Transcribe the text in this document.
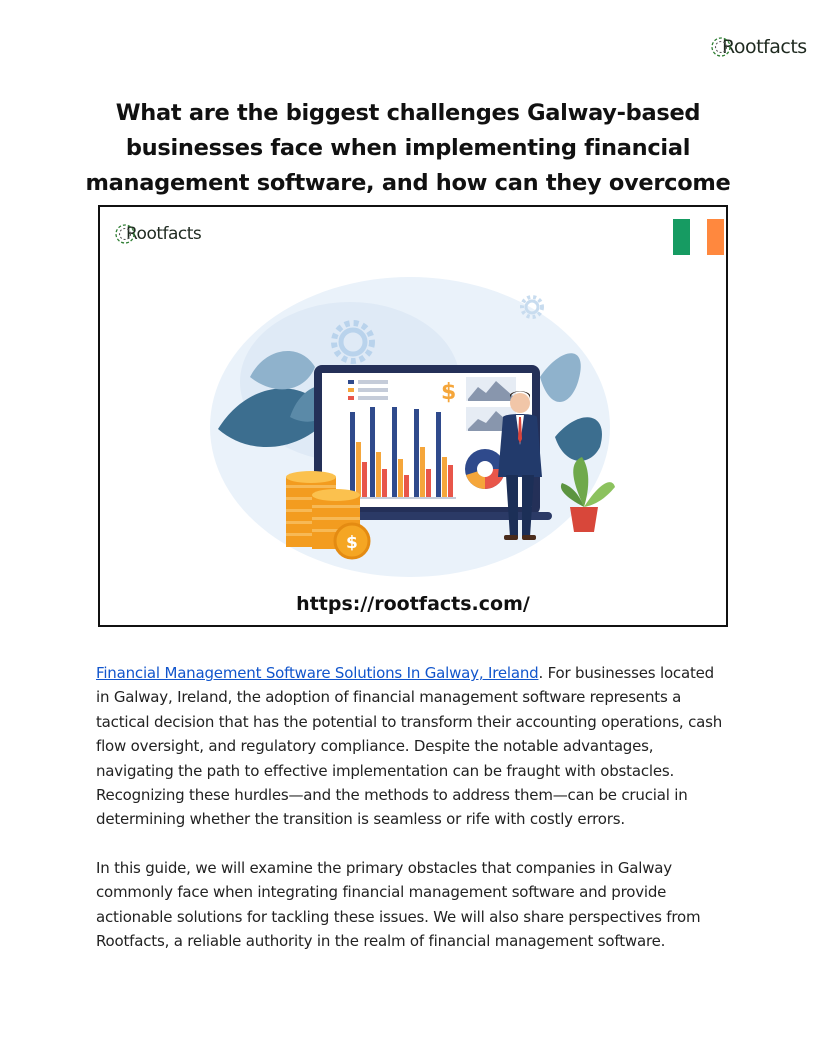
Rootfacts
What are the biggest challenges Galway-based businesses face when implementing financial management software, and how can they overcome
$
$
Rootfacts
https://rootfacts.com/

Financial Management Software Solutions In Galway, Ireland. For businesses located in Galway, Ireland, the adoption of financial management software represents a tactical decision that has the potential to transform their accounting operations, cash flow oversight, and regulatory compliance. Despite the notable advantages, navigating the path to effective implementation can be fraught with obstacles. Recognizing these hurdles—and the methods to address them—can be crucial in determining whether the transition is seamless or rife with costly errors.

In this guide, we will examine the primary obstacles that companies in Galway commonly face when integrating financial management software and provide actionable solutions for tackling these issues. We will also share perspectives from Rootfacts, a reliable authority in the realm of financial management software.
